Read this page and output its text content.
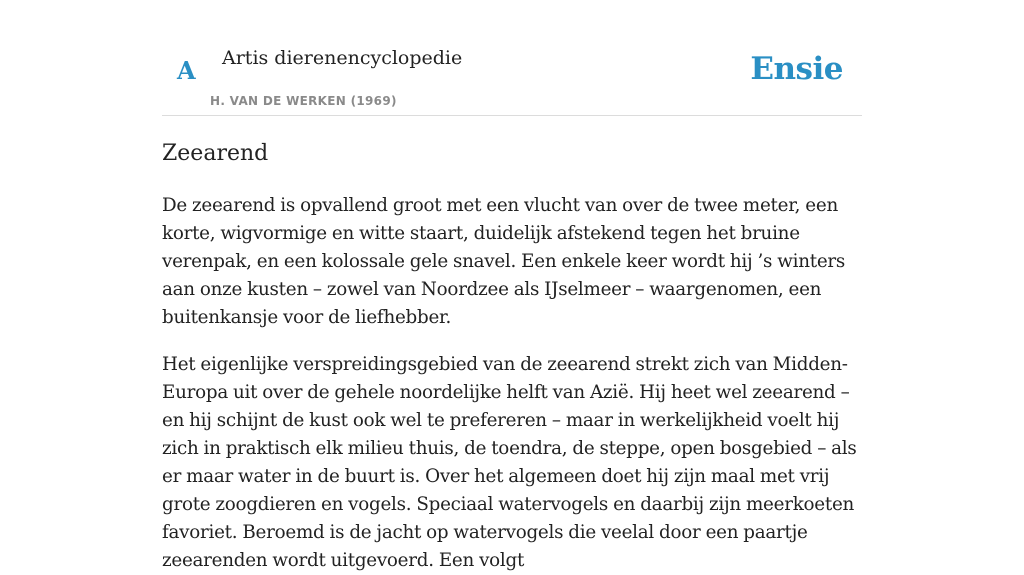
A Artis dierenencyclopedie
H. VAN DE WERKEN (1969)
Ensie
Zeearend

De zeearend is opvallend groot met een vlucht van over de twee meter, een korte, wigvormige en witte staart, duidelijk afstekend tegen het bruine verenpak, en een kolossale gele snavel. Een enkele keer wordt hij ’s winters aan onze kusten – zowel van Noordzee als IJselmeer – waargenomen, een buitenkansje voor de liefhebber.

Het eigenlijke verspreidingsgebied van de zeearend strekt zich van Midden-Europa uit over de gehele noordelijke helft van Azië. Hij heet wel zeearend – en hij schijnt de kust ook wel te prefereren – maar in werkelijkheid voelt hij zich in praktisch elk milieu thuis, de toendra, de steppe, open bosgebied – als er maar water in de buurt is. Over het algemeen doet hij zijn maal met vrij grote zoogdieren en vogels. Speciaal watervogels en daarbij zijn meerkoeten favoriet. Beroemd is de jacht op watervogels die veelal door een paartje zeearenden wordt uitgevoerd. Een volgt
